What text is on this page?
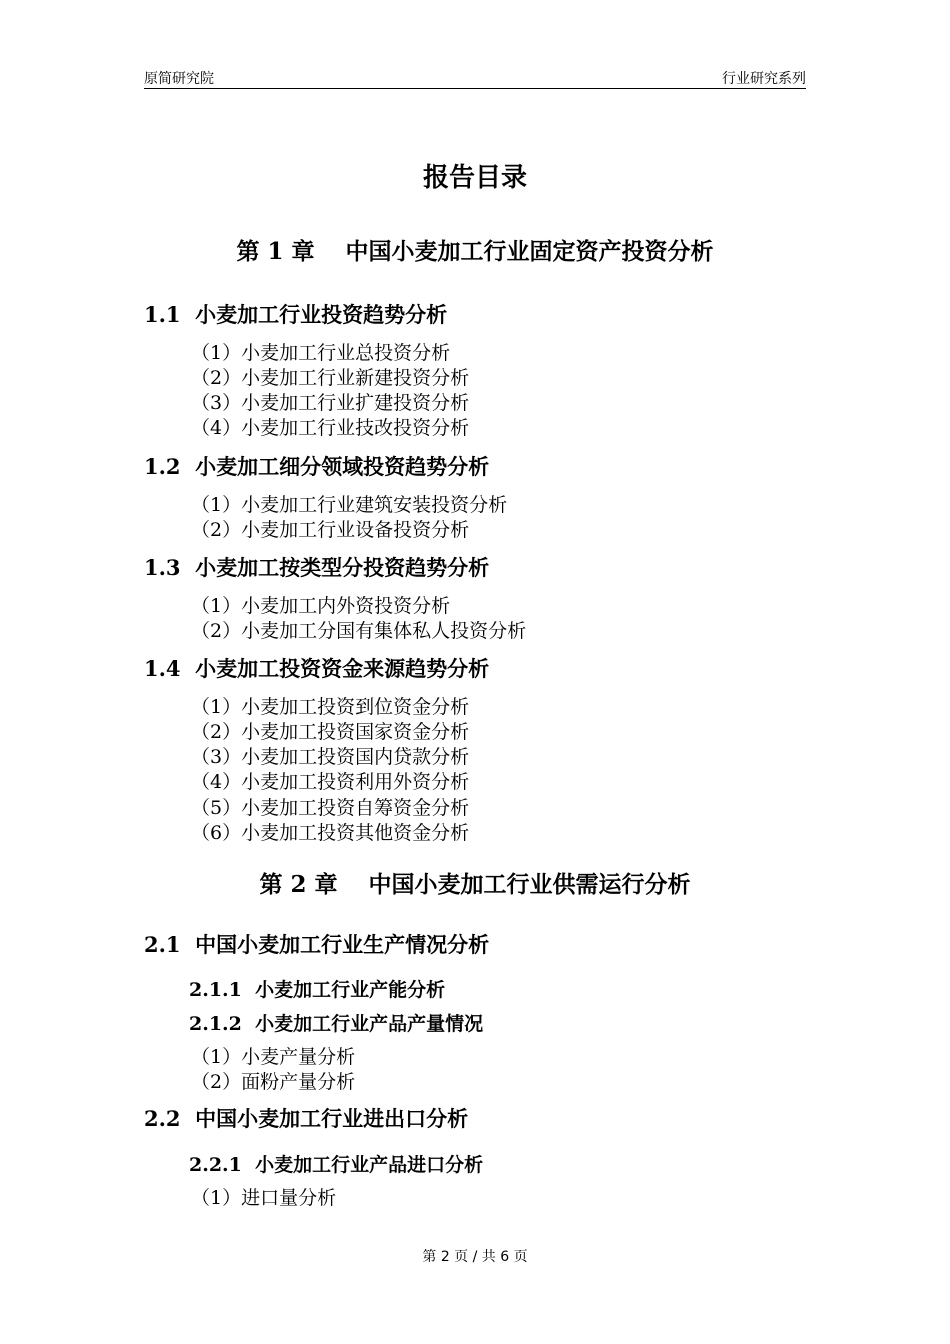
原简研究院	行业研究系列
报告目录
第 1 章　 中国小麦加工行业固定资产投资分析
1.1  小麦加工行业投资趋势分析
（1）小麦加工行业总投资分析
（2）小麦加工行业新建投资分析
（3）小麦加工行业扩建投资分析
（4）小麦加工行业技改投资分析
1.2  小麦加工细分领域投资趋势分析
（1）小麦加工行业建筑安装投资分析
（2）小麦加工行业设备投资分析
1.3  小麦加工按类型分投资趋势分析
（1）小麦加工内外资投资分析
（2）小麦加工分国有集体私人投资分析
1.4  小麦加工投资资金来源趋势分析
（1）小麦加工投资到位资金分析
（2）小麦加工投资国家资金分析
（3）小麦加工投资国内贷款分析
（4）小麦加工投资利用外资分析
（5）小麦加工投资自筹资金分析
（6）小麦加工投资其他资金分析
第 2 章　 中国小麦加工行业供需运行分析
2.1  中国小麦加工行业生产情况分析
2.1.1  小麦加工行业产能分析
2.1.2  小麦加工行业产品产量情况
（1）小麦产量分析
（2）面粉产量分析
2.2  中国小麦加工行业进出口分析
2.2.1  小麦加工行业产品进口分析
（1）进口量分析
第 2 页 / 共 6 页
